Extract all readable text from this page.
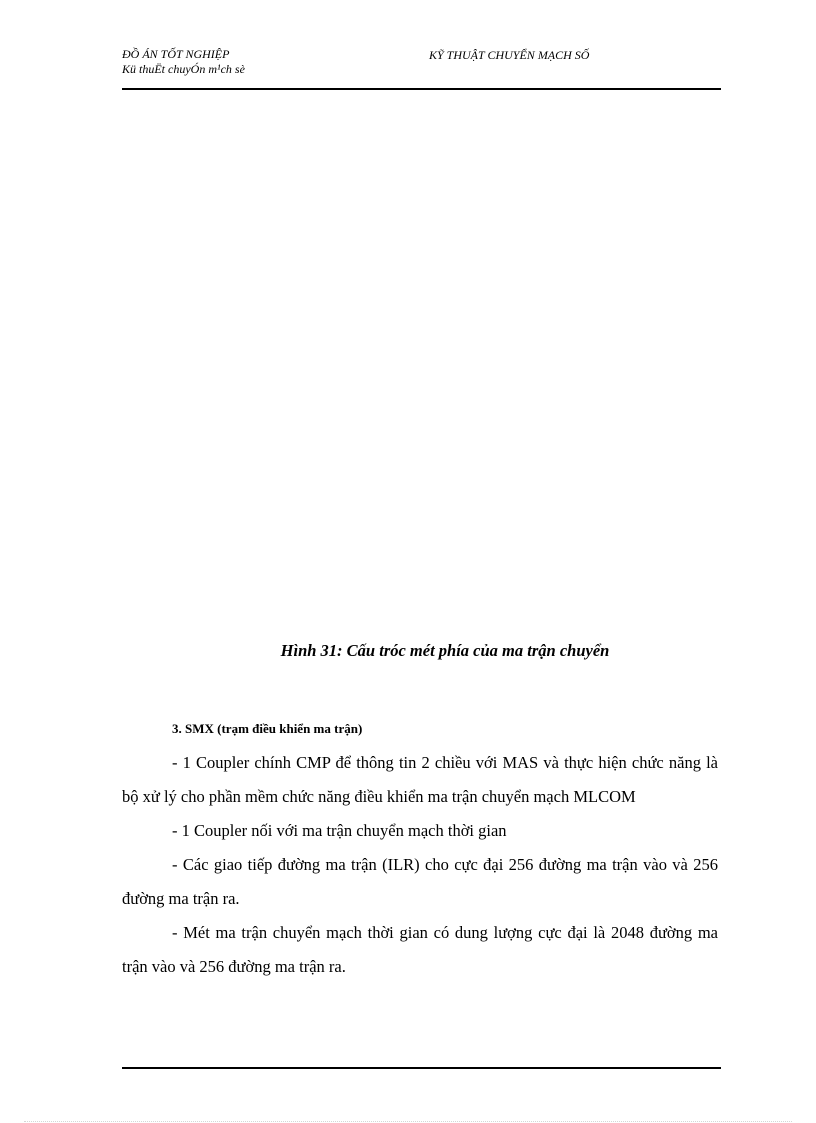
ĐỒ ÁN TỐT NGHIỆP
Kü thuËt chuyÓn m¹ch sè
KỸ THUẬT CHUYỂN MẠCH SỐ
Hình 31: Cấu tróc mét phía của ma trận chuyển

3. SMX (trạm điều khiển ma trận)

- 1 Coupler chính CMP để thông tin 2 chiều với MAS và thực hiện chức năng là bộ xử lý cho phần mềm chức năng điều khiển ma trận chuyển mạch MLCOM

- 1 Coupler nối với ma trận chuyển mạch thời gian

- Các giao tiếp đường ma trận (ILR) cho cực đại 256 đường ma trận vào và 256 đường ma trận ra.

- Mét ma trận chuyển mạch thời gian có dung lượng cực đại là 2048 đường ma trận vào và 256 đường ma trận ra.
